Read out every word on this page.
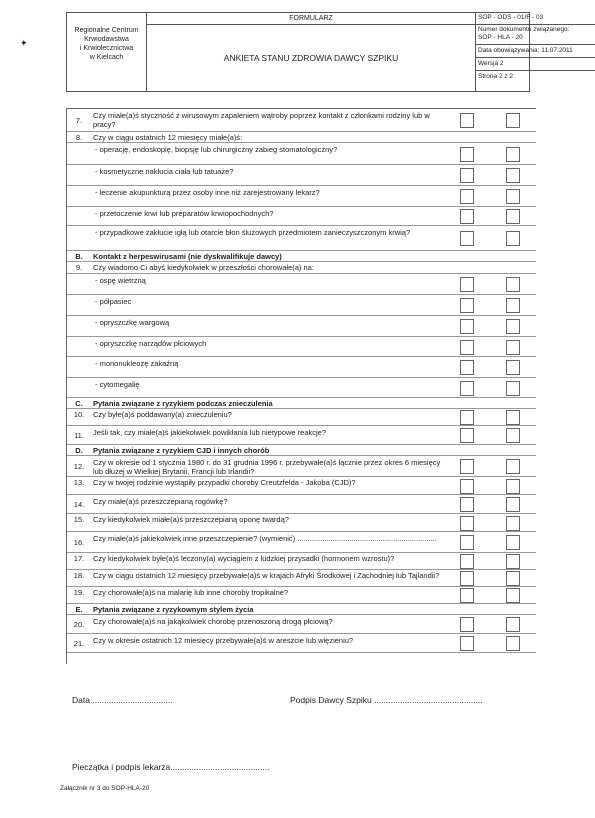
✦
Regionalne Centrum
Krwiodawstwa
i Krwiolecznictwa
w Kielcach
FORMULARZ
ANKIETA STANU ZDROWIA DAWCY SZPIKU
SOP - ODS - 01/F - 03
Numer dokumentu związanego:
SOP - HLA - 20
Data obowiązywania: 11.07.2011
Wersja 2
Strona 2 z 2
7.	Czy miałe(a)ś styczność z wirusowym zapaleniem wątroby poprzez kontakt z członkami rodziny lub w pracy?
8.	Czy w ciągu ostatnich 12 miesięcy miałe(a)ś:
- operację, endoskopię, biopsję lub chirurgiczny zabieg stomatologiczny?
- kosmetyczne nakłucia ciała lub tatuaże?
- leczenie akupunkturą przez osoby inne niż zarejestrowany lekarz?
- przetoczenie krwi lub preparatów krwiopochodnych?
- przypadkowe zakłucie igłą lub otarcie błon śluzowych przedmiotem zanieczyszczonym krwią?
B.	Kontakt z herpeswirusami (nie dyskwalifikuje dawcy)
9.	Czy wiadomo Ci abyś kiedykolwiek w przeszłości chorowałe(a) na:
- ospę wietrzną
- półpasiec
- opryszczkę wargową
- opryszczkę narządów płciowych
- mononukleozę zakaźną
- cytomegalię
C.	Pytania związane z ryzykiem podczas znieczulenia
10.	Czy byłe(a)ś poddawany(a) znieczuleniu?
11.	Jeśli tak, czy miałe(a)ś jakiekolwiek powikłania lub nietypowe reakcje?
D.	Pytania związane z ryzykiem CJD i innych chorób
12.	Czy w okresie od 1 stycznia 1980 r. do 31 grudnia 1996 r. przebywałe(a)ś łącznie przez okres 6 miesięcy lub dłużej w Wielkiej Brytanii, Francji lub Irlandii?
13.	Czy w twojej rodzinie wystąpiły przypadki choroby Creutzfelda - Jakoba (CJD)?
14.	Czy miałe(a)ś przeszczepianą rogówkę?
15.	Czy kiedykolwiek miałe(a)ś przeszczepianą oponę twardą?
16.	Czy miałe(a)ś jakiekolwiek inne przeszczepienie? (wymienić) ...................................................................
17.	Czy kiedykolwiek byłe(a)ś leczony(a) wyciągiem z ludzkiej przysadki (hormonem wzrostu)?
18.	Czy w ciągu ostatnich 12 miesięcy przebywałe(a)ś w krajach Afryki Środkowej i Zachodniej lub Tajlandii?
19.	Czy chorowałe(a)ś na malarię lub inne choroby tropikalne?
E.	Pytania związane z ryzykownym stylem życia
20.	Czy chorowałe(a)ś na jakąkolwiek chorobę przenoszoną drogą płciową?
21.	Czy w okresie ostatnich 12 miesięcy przebywałe(a)ś w areszcie lub więzieniu?
Data ..................................	Podpis Dawcy Szpiku ..............................................
Pieczątka i podpis lekarza..........................................
Załącznik nr 3 do SOP-HLA-20
